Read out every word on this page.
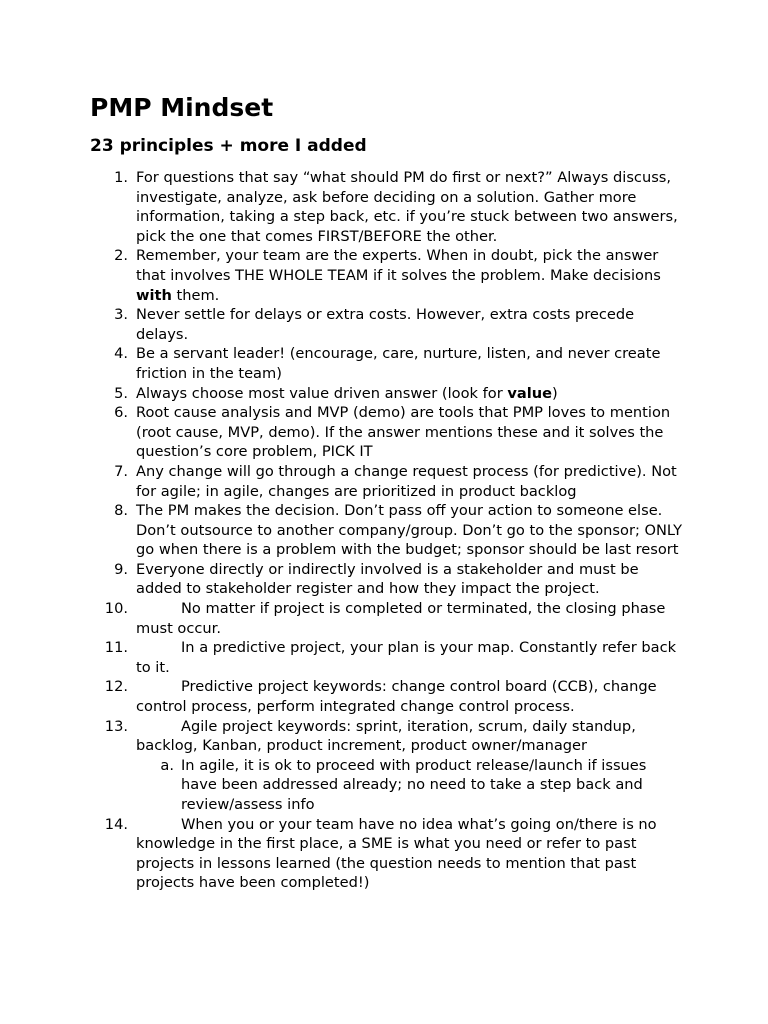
PMP Mindset
23 principles + more I added
1. For questions that say “what should PM do first or next?” Always discuss, investigate, analyze, ask before deciding on a solution. Gather more information, taking a step back, etc. if you’re stuck between two answers, pick the one that comes FIRST/BEFORE the other.
2. Remember, your team are the experts. When in doubt, pick the answer that involves THE WHOLE TEAM if it solves the problem. Make decisions with them.
3. Never settle for delays or extra costs. However, extra costs precede delays.
4. Be a servant leader! (encourage, care, nurture, listen, and never create friction in the team)
5. Always choose most value driven answer (look for value)
6. Root cause analysis and MVP (demo) are tools that PMP loves to mention (root cause, MVP, demo). If the answer mentions these and it solves the question’s core problem, PICK IT
7. Any change will go through a change request process (for predictive). Not for agile; in agile, changes are prioritized in product backlog
8. The PM makes the decision. Don’t pass off your action to someone else. Don’t outsource to another company/group. Don’t go to the sponsor; ONLY go when there is a problem with the budget; sponsor should be last resort
9. Everyone directly or indirectly involved is a stakeholder and must be added to stakeholder register and how they impact the project.
10.	No matter if project is completed or terminated, the closing phase must occur.
11.	In a predictive project, your plan is your map. Constantly refer back to it.
12.	Predictive project keywords: change control board (CCB), change control process, perform integrated change control process.
13.	Agile project keywords: sprint, iteration, scrum, daily standup, backlog, Kanban, product increment, product owner/manager
a. In agile, it is ok to proceed with product release/launch if issues have been addressed already; no need to take a step back and review/assess info
14.	When you or your team have no idea what’s going on/there is no knowledge in the first place, a SME is what you need or refer to past projects in lessons learned (the question needs to mention that past projects have been completed!)
